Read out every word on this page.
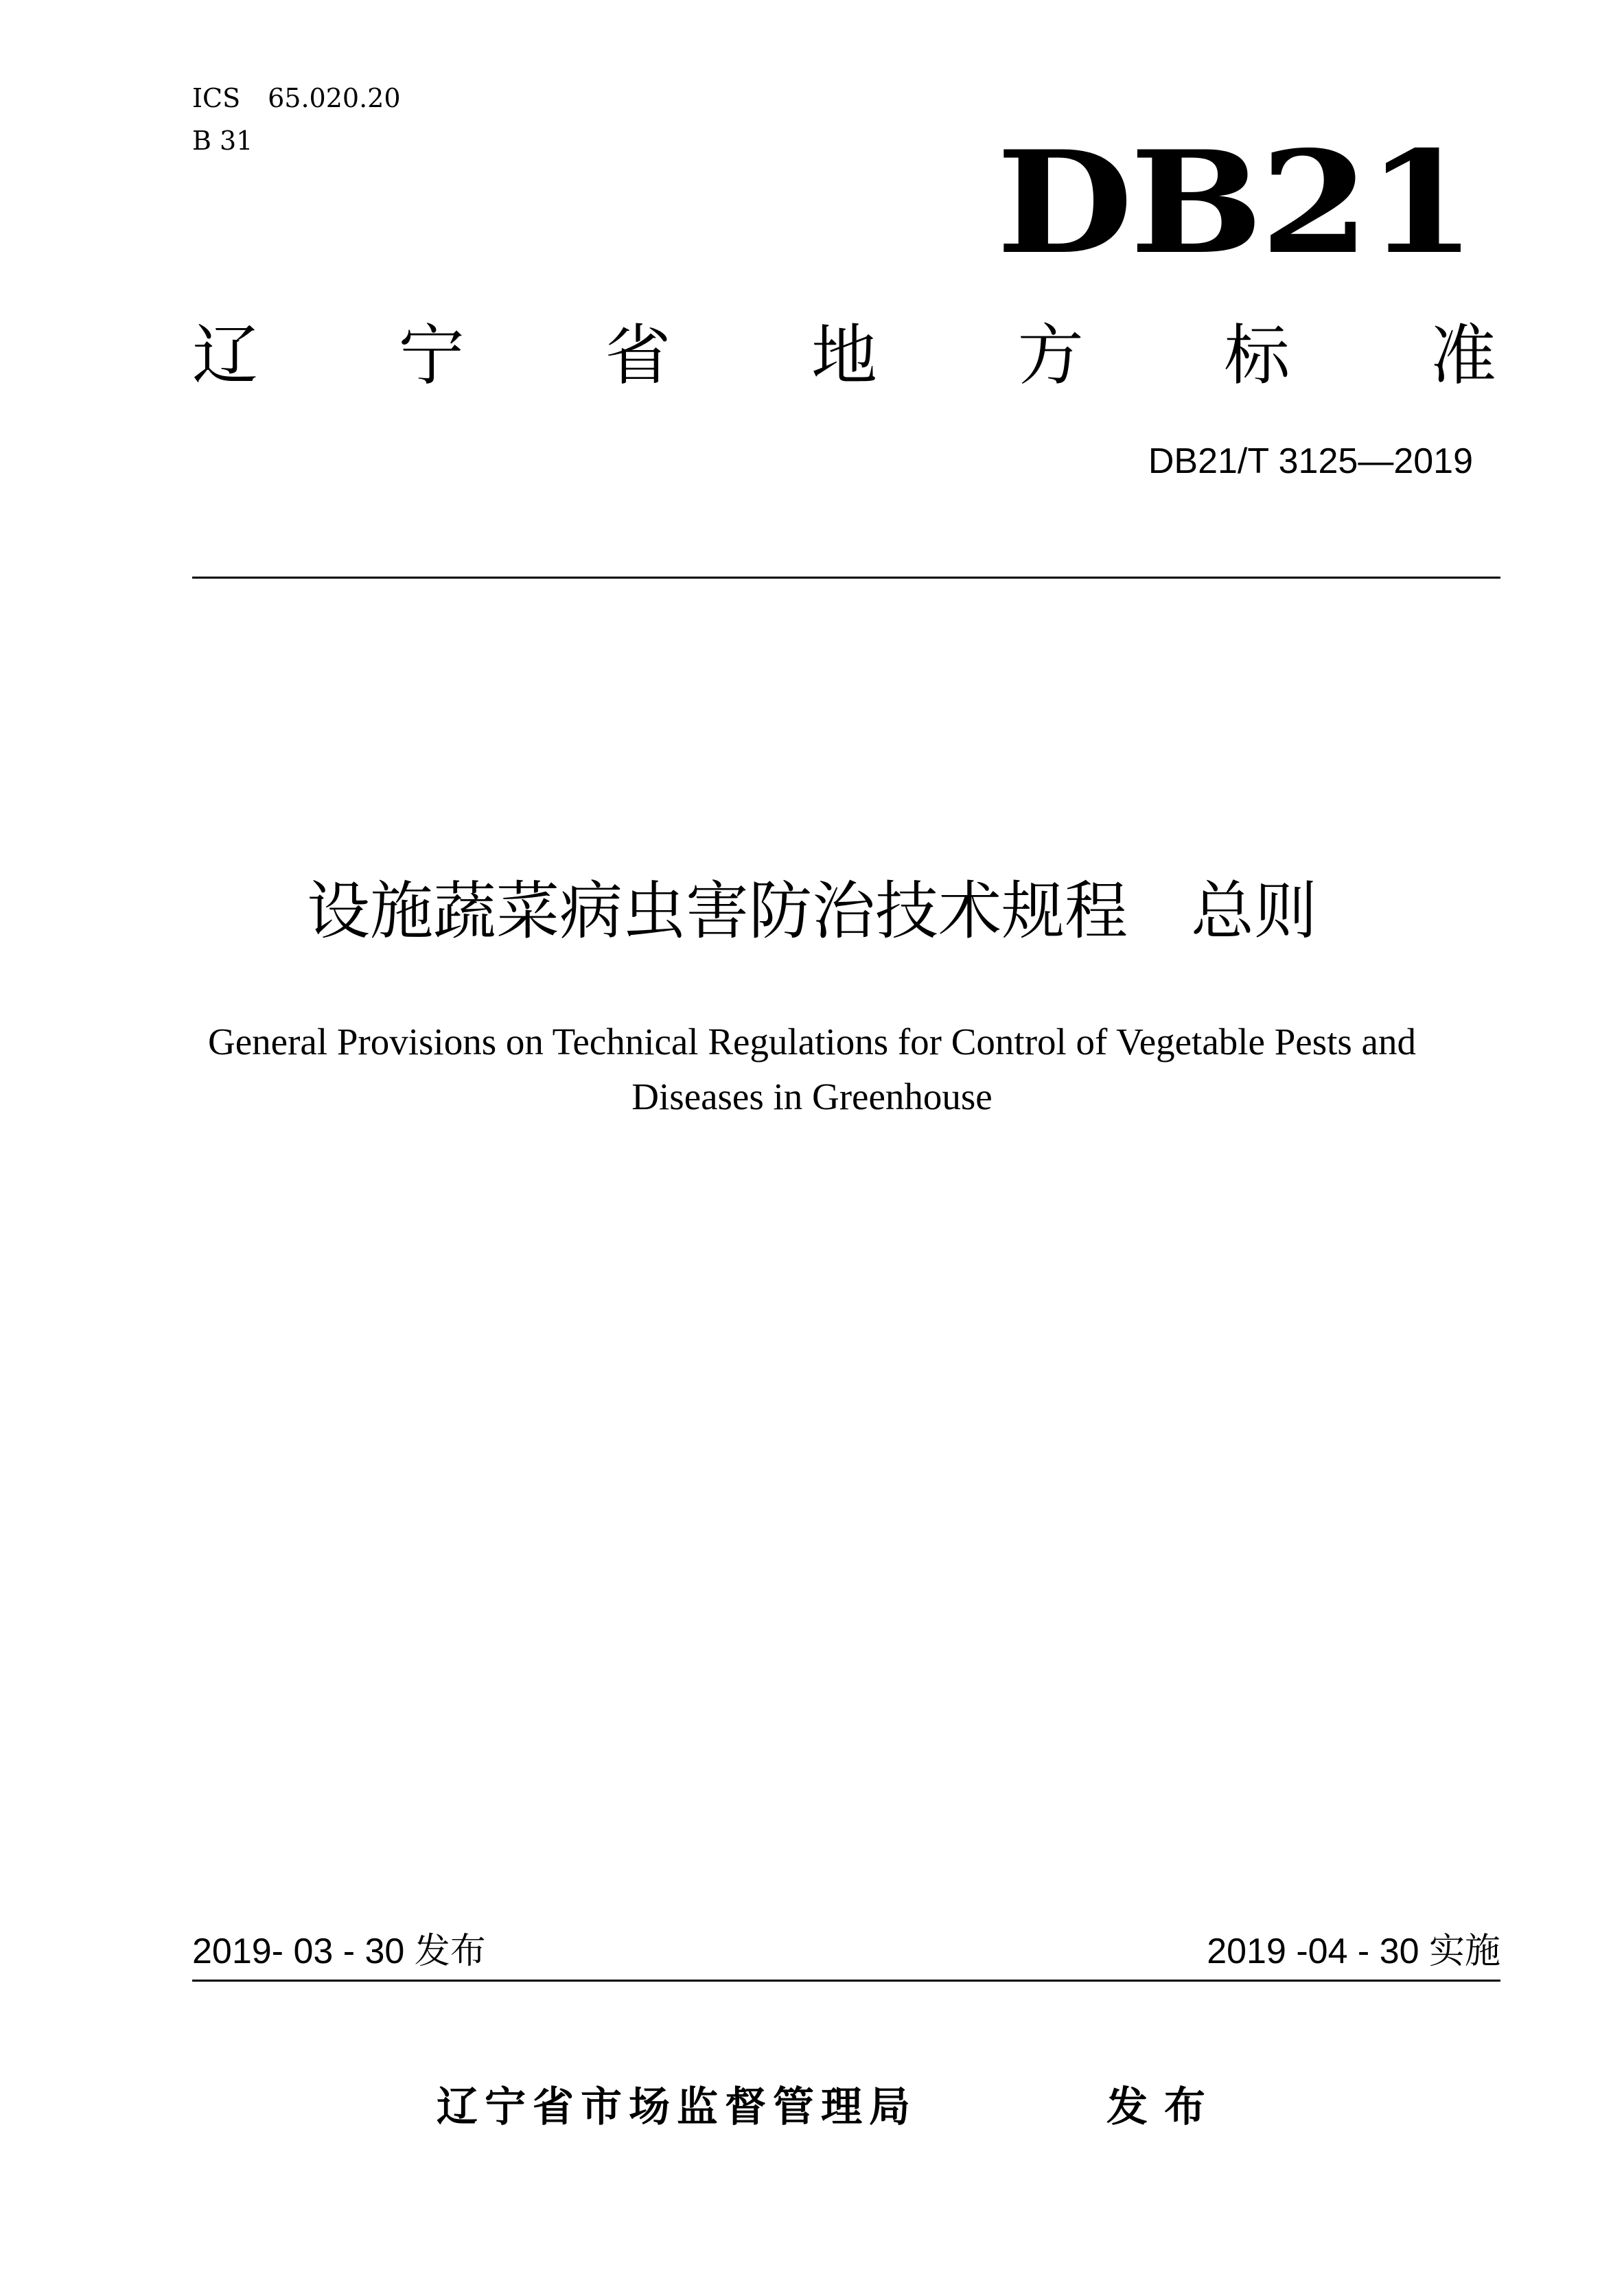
ICS 65.020.20
B 31	DB21
辽 宁 省 地 方 标 准
DB21/T 3125—2019
设施蔬菜病虫害防治技术规程　总则
General Provisions on Technical Regulations for Control of Vegetable Pests and
Diseases in Greenhouse
2019- 03 - 30 发布	2019 -04 - 30 实施
辽宁省市场监督管理局	发布
